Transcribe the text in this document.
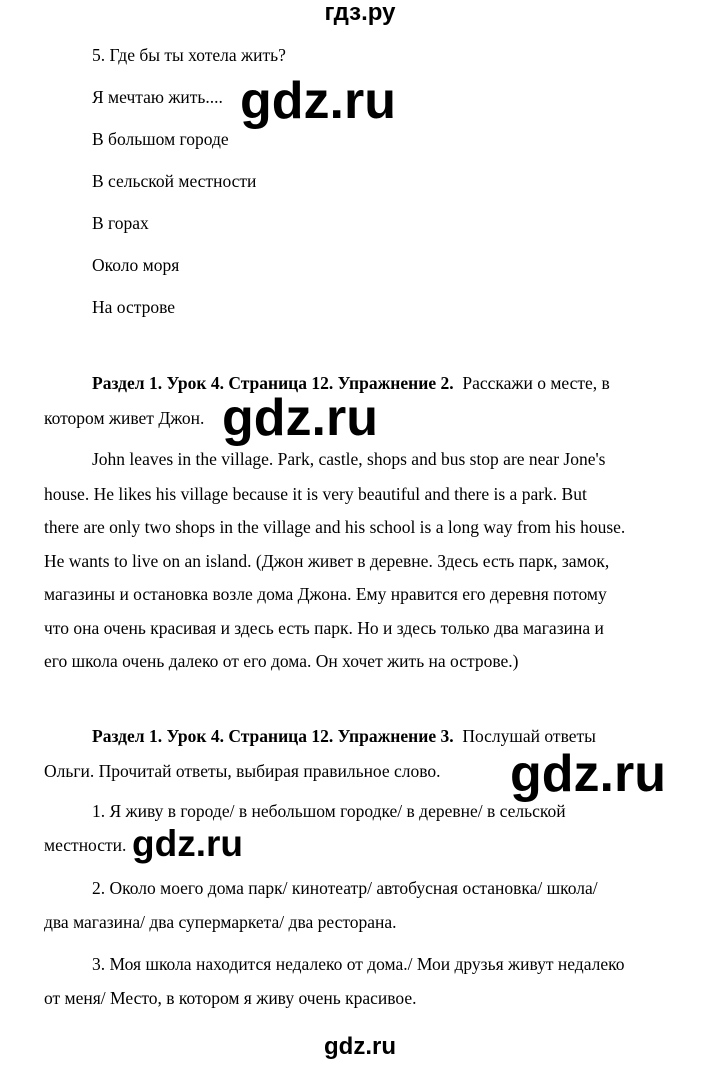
гдз.ру
5. Где бы ты хотела жить?
Я мечтаю жить....
В большом городе
В сельской местности
В горах
Около моря
На острове
Раздел 1. Урок 4. Страница 12. Упражнение 2. Расскажи о месте, в
котором живет Джон.
John leaves in the village. Park, castle, shops and bus stop are near Jone's
house. He likes his village because it is very beautiful and there is a park. But
there are only two shops in the village and his school is a long way from his house.
He wants to live on an island. (Джон живет в деревне. Здесь есть парк, замок,
магазины и остановка возле дома Джона. Ему нравится его деревня потому
что она очень красивая и здесь есть парк. Но и здесь только два магазина и
его школа очень далеко от его дома. Он хочет жить на острове.)
Раздел 1. Урок 4. Страница 12. Упражнение 3. Послушай ответы
Ольги. Прочитай ответы, выбирая правильное слово.
1. Я живу в городе/ в небольшом городке/ в деревне/ в сельской
местности.
2. Около моего дома парк/ кинотеатр/ автобусная остановка/ школа/
два магазина/ два супермаркета/ два ресторана.
3. Моя школа находится недалеко от дома./ Мои друзья живут недалеко
от меня/ Место, в котором я живу очень красивое.
gdz.ru
gdz.ru
gdz.ru
gdz.ru
gdz.ru
